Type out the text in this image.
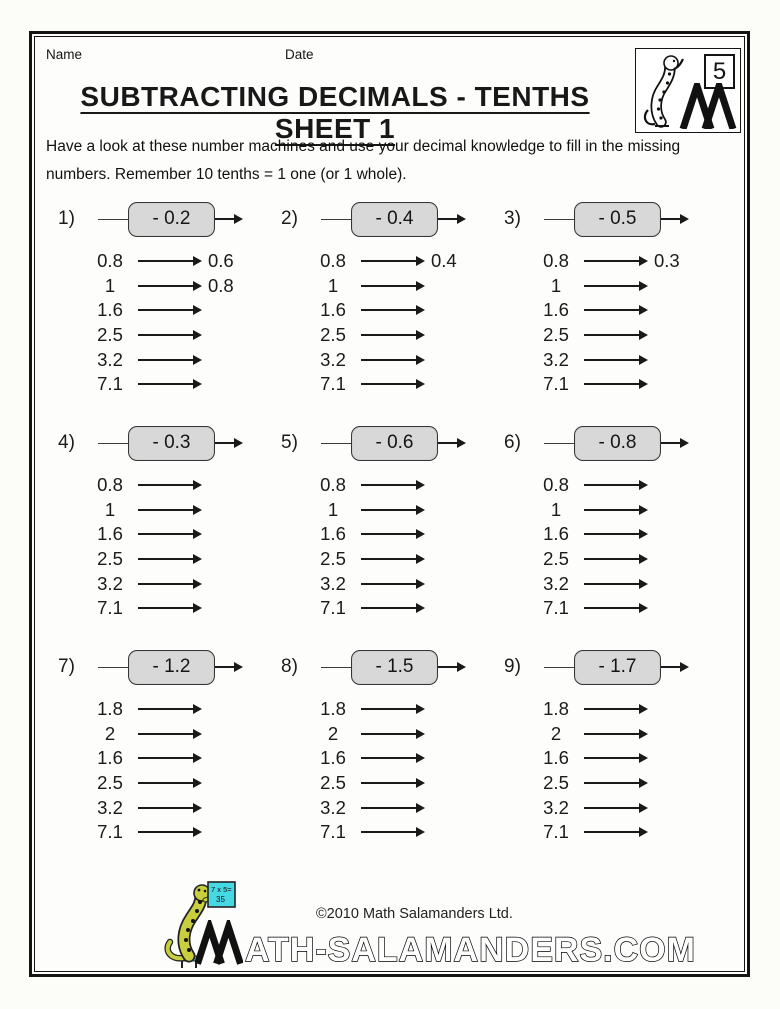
Name	Date
SUBTRACTING DECIMALS - TENTHS SHEET 1
5

Have a look at these number machines and use your decimal knowledge to fill in the missing

numbers. Remember 10 tenths = 1 one (or 1 whole).

1)	- 0.2
0.8	0.6
1	0.8
1.6
2.5
3.2
7.1
2)	- 0.4
0.8	0.4
1
1.6
2.5
3.2
7.1
3)	- 0.5
0.8	0.3
1
1.6
2.5
3.2
7.1
4)	- 0.3
0.8
1
1.6
2.5
3.2
7.1
5)	- 0.6
0.8
1
1.6
2.5
3.2
7.1
6)	- 0.8
0.8
1
1.6
2.5
3.2
7.1
7)	- 1.2
1.8
2
1.6
2.5
3.2
7.1
8)	- 1.5
1.8
2
1.6
2.5
3.2
7.1
9)	- 1.7
1.8
2
1.6
2.5
3.2
7.1
7 x 5=
35
©2010 Math Salamanders Ltd.
ATH-SALAMANDERS.COM
